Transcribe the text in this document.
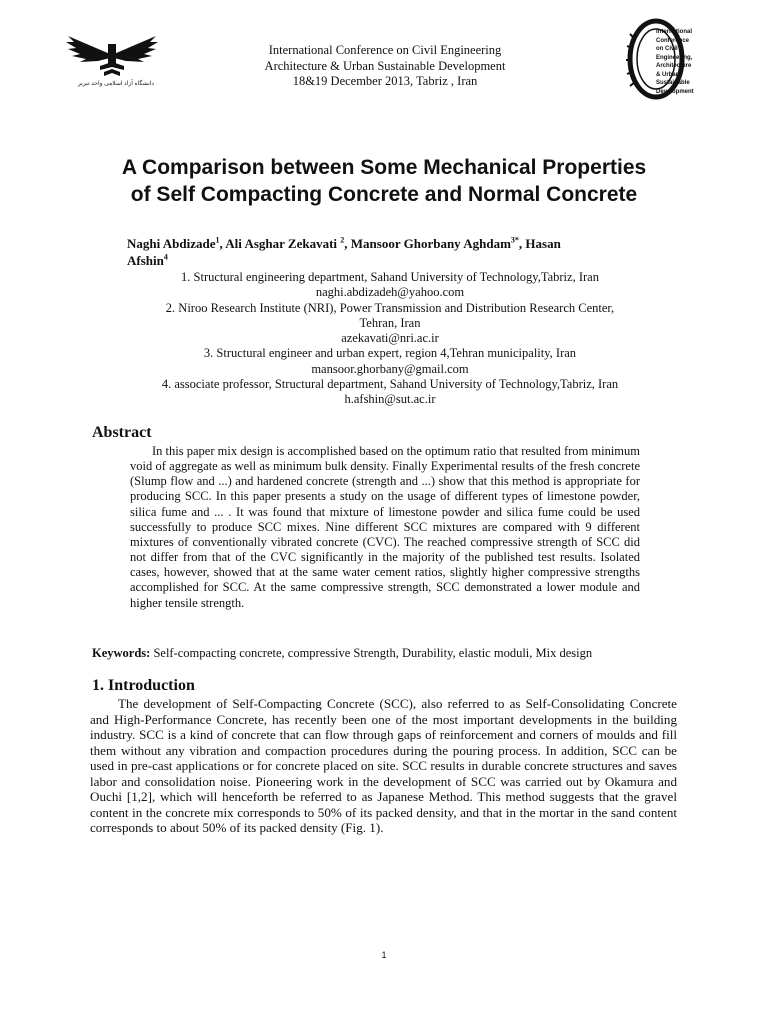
دانشگاه آزاد اسلامی واحد تبریز
International Conference on Civil Engineering
Architecture & Urban Sustainable Development
18&19 December 2013, Tabriz , Iran
International Conference
on Civil Engineering,
Architecture
& Urban Sustainable
Development
A Comparison between Some Mechanical Properties
of Self Compacting Concrete and Normal Concrete
Naghi Abdizade$^1$, Ali Asghar Zekavati $^2$, Mansoor Ghorbany Aghdam$^{3*}$, Hasan
Afshin$^4$
1. Structural engineering department, Sahand University of Technology,Tabriz, Iran
naghi.abdizadeh@yahoo.com
2. Niroo Research Institute (NRI), Power Transmission and Distribution Research Center,
Tehran, Iran
azekavati@nri.ac.ir
3. Structural engineer and urban expert, region 4,Tehran municipality, Iran
mansoor.ghorbany@gmail.com
4. associate professor, Structural department, Sahand University of Technology,Tabriz, Iran
h.afshin@sut.ac.ir
Abstract
In this paper mix design is accomplished based on the optimum ratio that resulted from minimum void of aggregate as well as minimum bulk density. Finally Experimental results of the fresh concrete (Slump flow and ...) and hardened concrete (strength and ...) show that this method is appropriate for producing SCC. In this paper presents a study on the usage of different types of limestone powder, silica fume and ... . It was found that mixture of limestone powder and silica fume could be used successfully to produce SCC mixes. Nine different SCC mixtures are compared with 9 different mixtures of conventionally vibrated concrete (CVC). The reached compressive strength of SCC did not differ from that of the CVC significantly in the majority of the published test results. Isolated cases, however, showed that at the same water cement ratios, slightly higher compressive strengths accomplished for SCC. At the same compressive strength, SCC demonstrated a lower module and higher tensile strength.
Keywords: Self-compacting concrete, compressive Strength, Durability, elastic moduli, Mix design
1. Introduction
The development of Self-Compacting Concrete (SCC), also referred to as Self-Consolidating Concrete and High-Performance Concrete, has recently been one of the most important developments in the building industry. SCC is a kind of concrete that can flow through gaps of reinforcement and corners of moulds and fill them without any vibration and compaction procedures during the pouring process. In addition, SCC can be used in pre-cast applications or for concrete placed on site. SCC results in durable concrete structures and saves labor and consolidation noise. Pioneering work in the development of SCC was carried out by Okamura and Ouchi [1,2], which will henceforth be referred to as Japanese Method. This method suggests that the gravel content in the concrete mix corresponds to 50% of its packed density, and that in the mortar in the sand content corresponds to about 50% of its packed density (Fig. 1).
1
